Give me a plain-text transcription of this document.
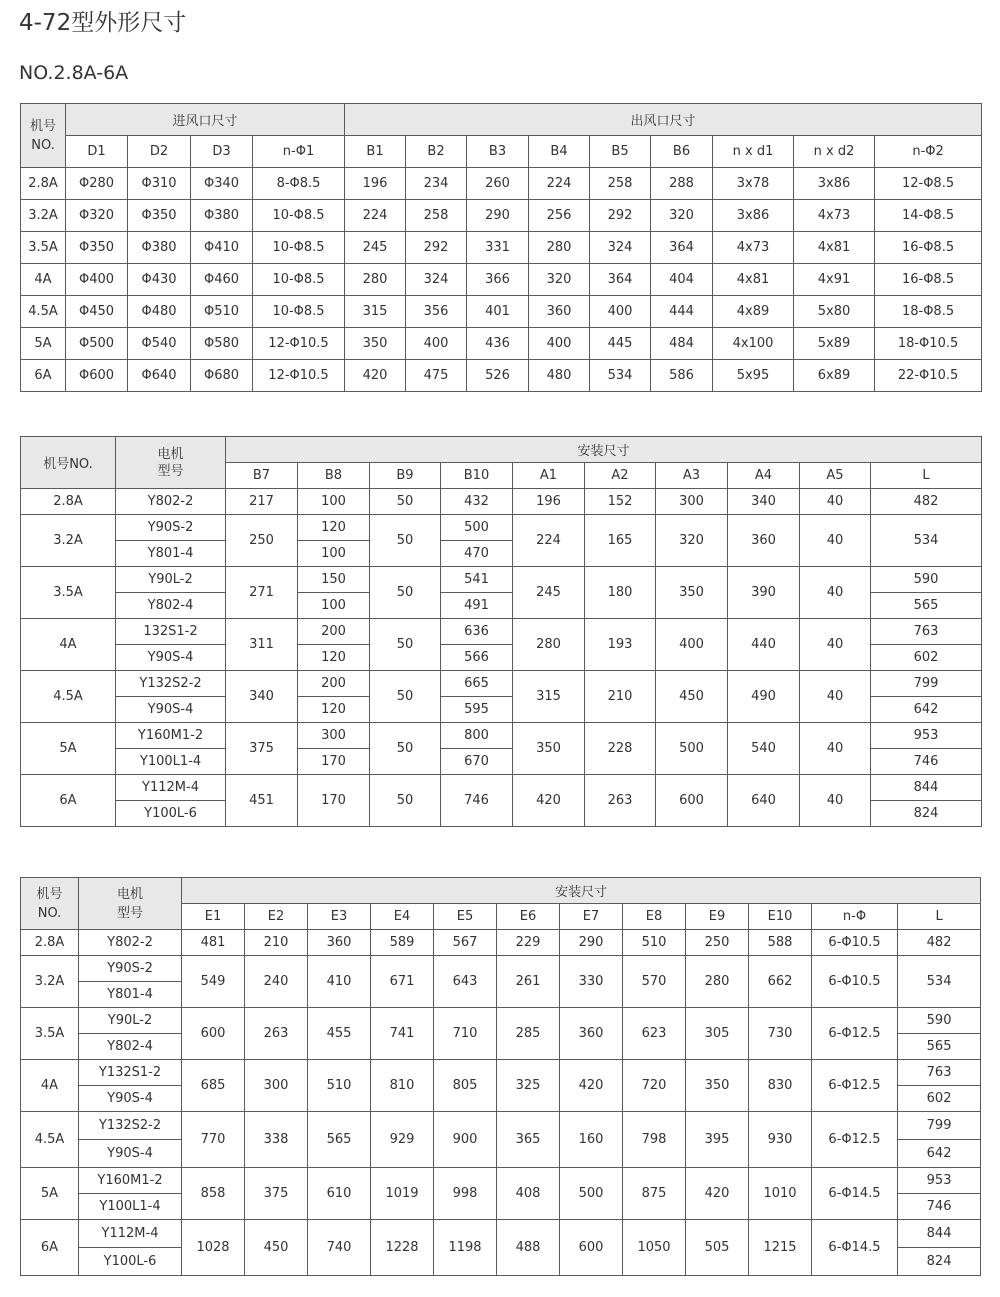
4-72型外形尺寸
NO.2.8A-6A
机号
NO.	进风口尺寸				出风口尺寸								
	D1	D2	D3	n-Φ1	B1	B2	B3	B4	B5	B6	n x d1	n x d2	n-Φ2
2.8A	Φ280	Φ310	Φ340	8-Φ8.5	196	234	260	224	258	288	3x78	3x86	12-Φ8.5
3.2A	Φ320	Φ350	Φ380	10-Φ8.5	224	258	290	256	292	320	3x86	4x73	14-Φ8.5
3.5A	Φ350	Φ380	Φ410	10-Φ8.5	245	292	331	280	324	364	4x73	4x81	16-Φ8.5
4A	Φ400	Φ430	Φ460	10-Φ8.5	280	324	366	320	364	404	4x81	4x91	16-Φ8.5
4.5A	Φ450	Φ480	Φ510	10-Φ8.5	315	356	401	360	400	444	4x89	5x80	18-Φ8.5
5A	Φ500	Φ540	Φ580	12-Φ10.5	350	400	436	400	445	484	4x100	5x89	18-Φ10.5
6A	Φ600	Φ640	Φ680	12-Φ10.5	420	475	526	480	534	586	5x95	6x89	22-Φ10.5
机号NO.	电机
型号	安装尺寸									
		B7	B8	B9	B10	A1	A2	A3	A4	A5	L
2.8A	Y802-2	217	100	50	432	196	152	300	340	40	482
3.2A	Y90S-2	250	120	50	500	224	165	320	360	40	534
	Y801-4		100		470						
3.5A	Y90L-2	271	150	50	541	245	180	350	390	40	590
	Y802-4		100		491						565
4A	132S1-2	311	200	50	636	280	193	400	440	40	763
	Y90S-4		120		566						602
4.5A	Y132S2-2	340	200	50	665	315	210	450	490	40	799
	Y90S-4		120		595						642
5A	Y160M1-2	375	300	50	800	350	228	500	540	40	953
	Y100L1-4		170		670						746
6A	Y112M-4	451	170	50	746	420	263	600	640	40	844
	Y100L-6										824
机号
NO.	电机
型号	安装尺寸											
		E1	E2	E3	E4	E5	E6	E7	E8	E9	E10	n-Φ	L
2.8A	Y802-2	481	210	360	589	567	229	290	510	250	588	6-Φ10.5	482
3.2A	Y90S-2	549	240	410	671	643	261	330	570	280	662	6-Φ10.5	534
	Y801-4												
3.5A	Y90L-2	600	263	455	741	710	285	360	623	305	730	6-Φ12.5	590
	Y802-4												565
4A	Y132S1-2	685	300	510	810	805	325	420	720	350	830	6-Φ12.5	763
	Y90S-4												602
4.5A	Y132S2-2	770	338	565	929	900	365	160	798	395	930	6-Φ12.5	799
	Y90S-4												642
5A	Y160M1-2	858	375	610	1019	998	408	500	875	420	1010	6-Φ14.5	953
	Y100L1-4												746
6A	Y112M-4	1028	450	740	1228	1198	488	600	1050	505	1215	6-Φ14.5	844
	Y100L-6												824
